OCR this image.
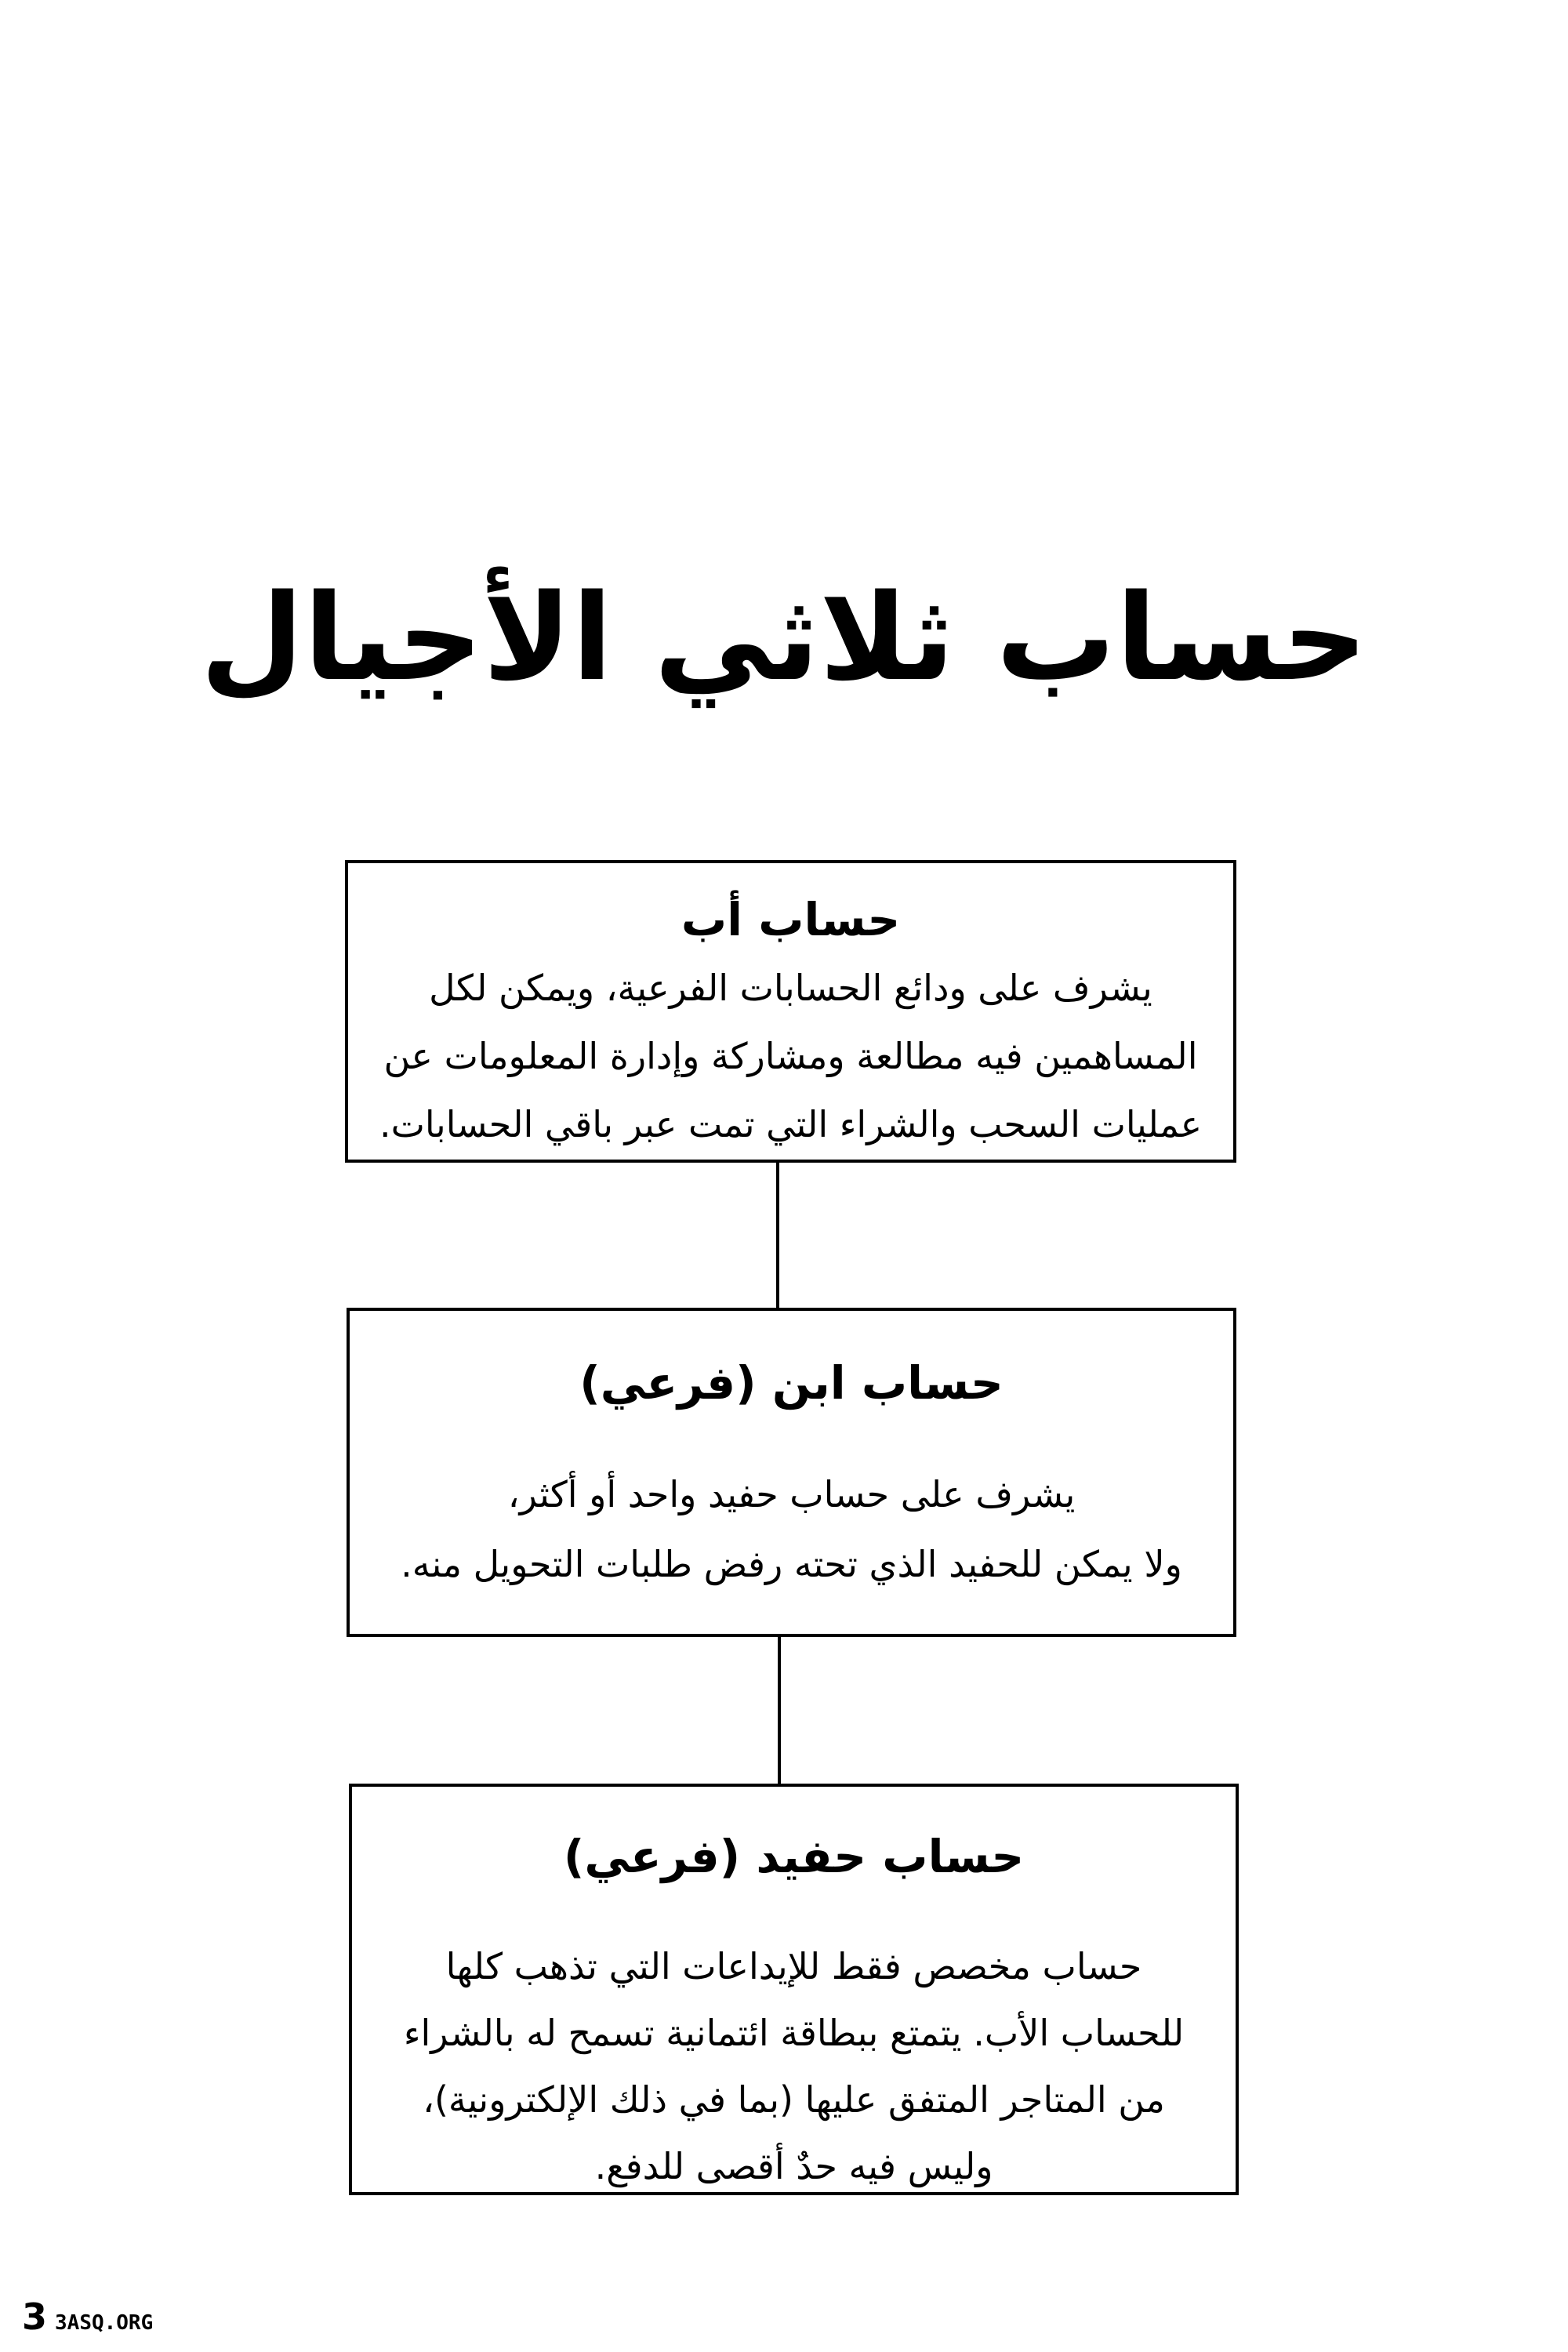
حساب ثلاثي الأجيال
حساب أب
يشرف على ودائع الحسابات الفرعية، ويمكن لكل
المساهمين فيه مطالعة ومشاركة وإدارة المعلومات عن
عمليات السحب والشراء التي تمت عبر باقي الحسابات.
حساب ابن (فرعي)
يشرف على حساب حفيد واحد أو أكثر،
ولا يمكن للحفيد الذي تحته رفض طلبات التحويل منه.
حساب حفيد (فرعي)
حساب مخصص فقط للإيداعات التي تذهب كلها
للحساب الأب. يتمتع ببطاقة ائتمانية تسمح له بالشراء
من المتاجر المتفق عليها (بما في ذلك الإلكترونية)،
وليس فيه حدٌ أقصى للدفع.
3 3ASQ.ORG
